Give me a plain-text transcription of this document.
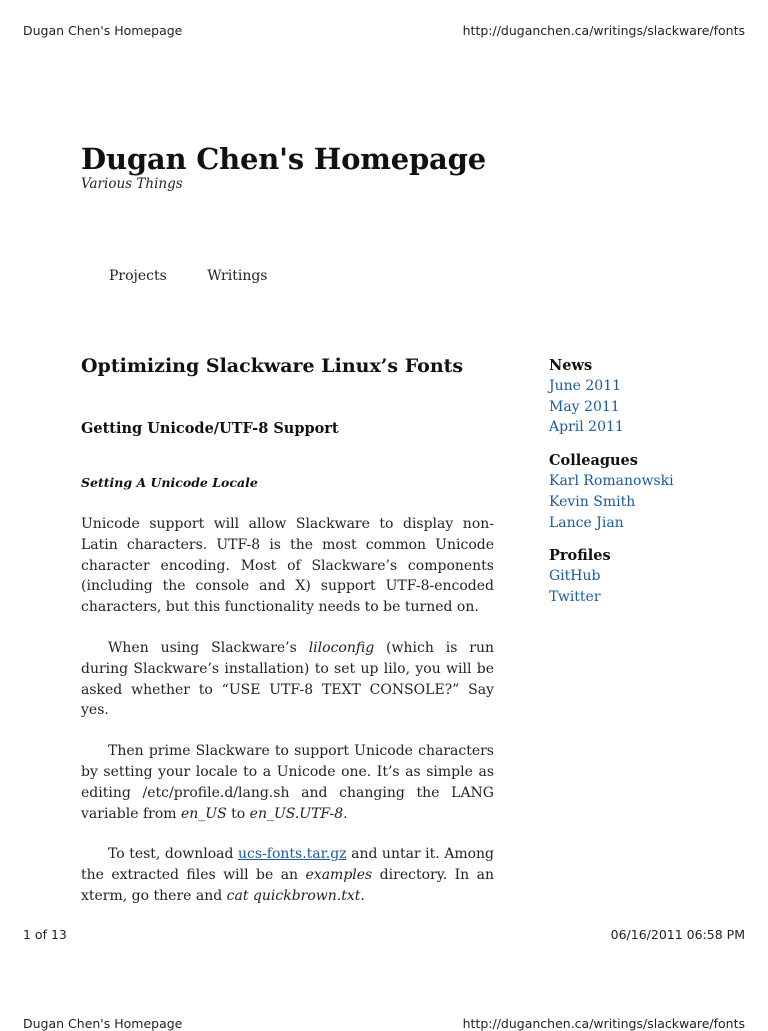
Dugan Chen's Homepage	http://duganchen.ca/writings/slackware/fonts
Dugan Chen's Homepage
Various Things
Projects	Writings
Optimizing Slackware Linux’s Fonts
Getting Unicode/UTF-8 Support
Setting A Unicode Locale

Unicode support will allow Slackware to display non-Latin characters. UTF-8 is the most common Unicode character encoding. Most of Slackware’s components (including the console and X) support UTF-8-encoded characters, but this functionality needs to be turned on.

When using Slackware’s liloconfig (which is run during Slackware’s installation) to set up lilo, you will be asked whether to “USE UTF-8 TEXT CONSOLE?” Say yes.

Then prime Slackware to support Unicode characters by setting your locale to a Unicode one. It’s as simple as editing /etc/profile.d/lang.sh and changing the LANG variable from en_US to en_US.UTF-8.

To test, download ucs-fonts.tar.gz and untar it. Among the extracted files will be an examples directory. In an xterm, go there and cat quickbrown.txt.

News
June 2011
May 2011
April 2011
Colleagues
Karl Romanowski
Kevin Smith
Lance Jian
Profiles
GitHub
Twitter
1 of 13	06/16/2011 06:58 PM
Dugan Chen's Homepage	http://duganchen.ca/writings/slackware/fonts
